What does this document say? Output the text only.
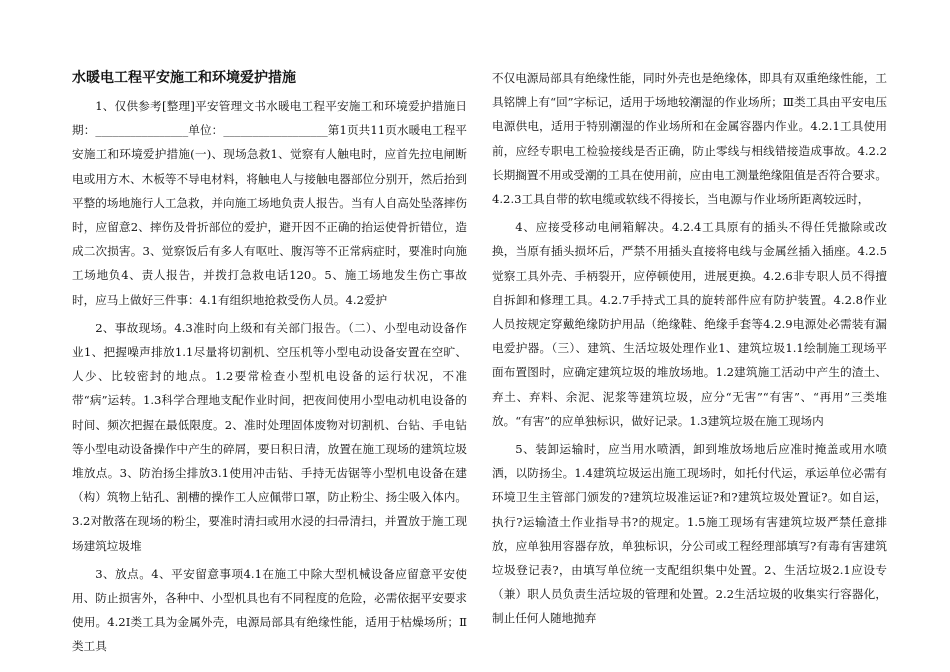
水暖电工程平安施工和环境爱护措施

1、仅供参考[整理]平安管理文书水暖电工程平安施工和环境爱护措施日期：________________单位：__________________第1页共11页水暖电工程平安施工和环境爱护措施(一)、现场急救1、觉察有人触电时，应首先拉电闸断电或用方木、木板等不导电材料，将触电人与接触电器部位分别开，然后抬到平整的场地施行人工急救，并向施工场地负责人报告。当有人自高处坠落摔伤时，应留意2、摔伤及骨折部位的爱护，避开因不正确的抬运使骨折错位，造成二次损害。3、觉察饭后有多人有呕吐、腹泻等不正常病症时，要准时向施工场地负4、责人报告，并拨打急救电话120。5、施工场地发生伤亡事故时，应马上做好三件事：4.1有组织地抢救受伤人员。4.2爱护

2、事故现场。4.3准时向上级和有关部门报告。（二）、小型电动设备作业1、把握噪声排放1.1尽量将切割机、空压机等小型电动设备安置在空旷、人少、比较密封的地点。1.2要常检查小型机电设备的运行状况，不准带“病”运转。1.3科学合理地支配作业时间，把夜间使用小型电动机电设备的时间、频次把握在最低限度。2、准时处理固体废物对切割机、台钻、手电钻等小型电动设备操作中产生的碎屑，要日积日清，放置在施工现场的建筑垃圾堆放点。3、防治扬尘排放3.1使用冲击钻、手持无齿锯等小型机电设备在建（构）筑物上钻孔、割槽的操作工人应佩带口罩，防止粉尘、扬尘吸入体内。3.2对散落在现场的粉尘，要准时清扫或用水浸的扫帚清扫，并置放于施工现场建筑垃圾堆

3、放点。4、平安留意事项4.1在施工中除大型机械设备应留意平安使用、防止损害外，各种中、小型机具也有不同程度的危险，必需依据平安要求使用。4.2Ⅰ类工具为金属外壳，电源局部具有绝缘性能，适用于枯燥场所；Ⅱ类工具

不仅电源局部具有绝缘性能，同时外壳也是绝缘体，即具有双重绝缘性能，工具铭牌上有“回”字标记，适用于场地较潮湿的作业场所；Ⅲ类工具由平安电压电源供电，适用于特别潮湿的作业场所和在金属容器内作业。4.2.1工具使用前，应经专职电工检验接线是否正确，防止零线与相线错接造成事故。4.2.2长期搁置不用或受潮的工具在使用前，应由电工测量绝缘阻值是否符合要求。4.2.3工具自带的软电缆或软线不得接长，当电源与作业场所距离较远时，

4、应接受移动电闸箱解决。4.2.4工具原有的插头不得任凭撤除或改换，当原有插头损坏后，严禁不用插头直接将电线与金属丝插入插座。4.2.5觉察工具外壳、手柄裂开，应停顿使用，进展更换。4.2.6非专职人员不得擅自拆卸和修理工具。4.2.7手持式工具的旋转部件应有防护装置。4.2.8作业人员按规定穿戴绝缘防护用品（绝缘鞋、绝缘手套等4.2.9电源处必需装有漏电爱护器。（三）、建筑、生活垃圾处理作业1、建筑垃圾1.1绘制施工现场平面布置图时，应确定建筑垃圾的堆放场地。1.2建筑施工活动中产生的渣土、弃土、弃料、余泥、泥浆等建筑垃圾，应分“无害”“有害”、“再用”三类堆放。“有害”的应单独标识，做好记录。1.3建筑垃圾在施工现场内

5、装卸运输时，应当用水喷洒，卸到堆放场地后应准时掩盖或用水喷洒，以防扬尘。1.4建筑垃圾运出施工现场时，如托付代运，承运单位必需有环境卫生主管部门颁发的?建筑垃圾准运证?和?建筑垃圾处置证?。如自运，执行?运输渣土作业指导书?的规定。1.5施工现场有害建筑垃圾严禁任意排放，应单独用容器存放，单独标识，分公司或工程经理部填写?有毒有害建筑垃圾登记表?，由填写单位统一支配组织集中处置。2、生活垃圾2.1应设专（兼）职人员负责生活垃圾的管理和处置。2.2生活垃圾的收集实行容器化，制止任何人随地抛弃
